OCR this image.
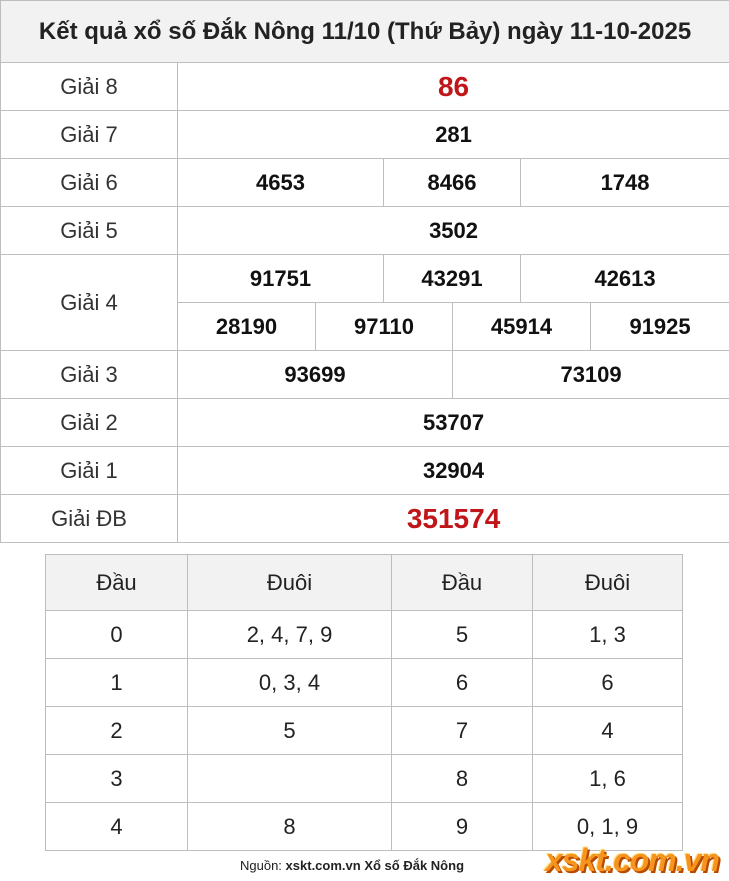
Kết quả xổ số Đắk Nông 11/10 (Thứ Bảy) ngày 11-10-2025						
Giải 8	86					
Giải 7	281					
Giải 6	4653		8466		1748	
Giải 5	3502					
Giải 4	91751		43291		42613	
	28190	97110		45914		91925
Giải 3	93699			73109		
Giải 2	53707					
Giải 1	32904					
Giải ĐB	351574					
Đầu	Đuôi	Đầu	Đuôi
0	2, 4, 7, 9	5	1, 3
1	0, 3, 4	6	6
2	5	7	4
3		8	1, 6
4	8	9	0, 1, 9
Nguồn: xskt.com.vn Xổ số Đắk Nông	xskt.com.vn
